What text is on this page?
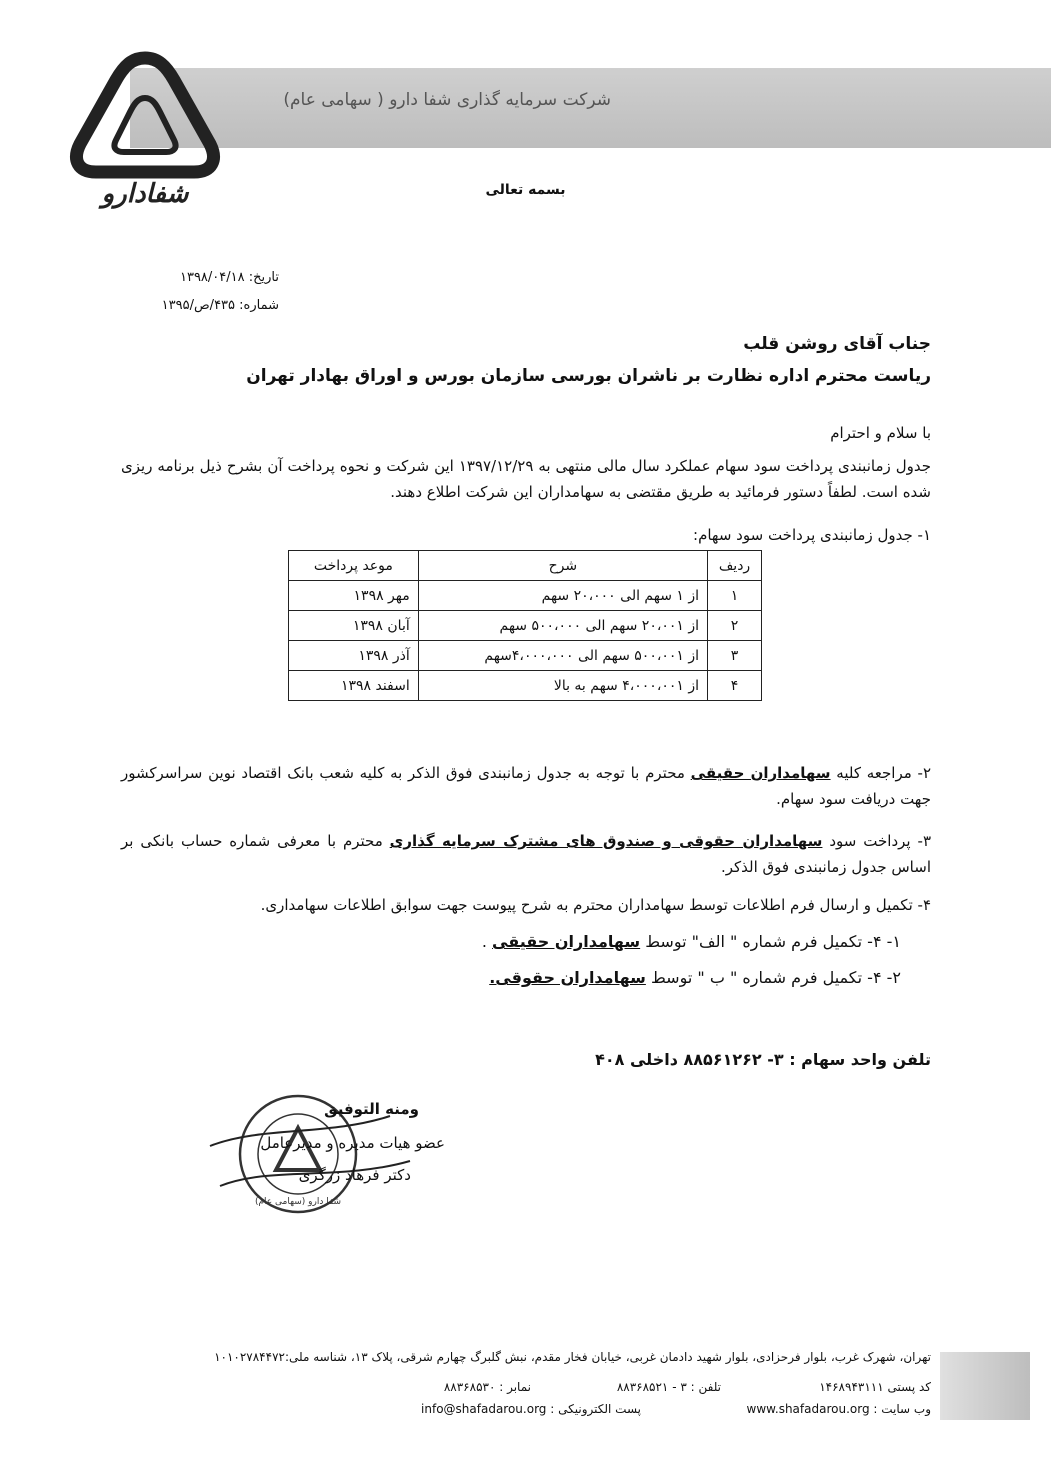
شرکت سرمایه گذاری شفا دارو ( سهامی عام)
شفادارو	بسمه تعالی
تاریخ: ۱۳۹۸/۰۴/۱۸
شماره: ۴۳۵/ص/۱۳۹۵
جناب آقای روشن قلب
ریاست محترم اداره نظارت بر ناشران بورسی سازمان بورس و اوراق بهادار تهران
با سلام و احترام
جدول زمانبندی پرداخت سود سهام عملکرد سال مالی منتهی به ۱۳۹۷/۱۲/۲۹ این شرکت و نحوه پرداخت آن بشرح ذیل برنامه ریزی شده است. لطفاً دستور فرمائید به طریق مقتضی به سهامداران این شرکت اطلاع دهند.
۱- جدول زمانبندی پرداخت سود سهام:
ردیف	شرح	موعد پرداخت
۱	از ۱ سهم الی ۲۰،۰۰۰ سهم	مهر ۱۳۹۸
۲	از ۲۰،۰۰۱ سهم الی ۵۰۰،۰۰۰ سهم	آبان ۱۳۹۸
۳	از ۵۰۰،۰۰۱ سهم الی ۴،۰۰۰،۰۰۰سهم	آذر ۱۳۹۸
۴	از ۴،۰۰۰،۰۰۱ سهم به بالا	اسفند ۱۳۹۸
۲- مراجعه کلیه سهامداران حقیقی محترم با توجه به جدول زمانبندی فوق الذکر به کلیه شعب بانک اقتصاد نوین سراسرکشور جهت دریافت سود سهام.
۳- پرداخت سود سهامداران حقوقی و صندوق های مشترک سرمایه گذاری محترم با معرفی شماره حساب بانکی بر اساس جدول زمانبندی فوق الذکر.
۴- تکمیل و ارسال فرم اطلاعات توسط سهامداران محترم به شرح پیوست جهت سوابق اطلاعات سهامداری.
۱- ۴- تکمیل فرم شماره " الف" توسط سهامداران حقیقی .
۲- ۴- تکمیل فرم شماره " ب " توسط سهامداران حقوقی.
تلفن واحد سهام : ۳- ۸۸۵۶۱۲۶۲ داخلی ۴۰۸
شفا دارو (سهامی عام)
ومنه التوفيق
عضو هیات مدیره و مدیرعامل
دکتر فرهاد زرگری
تهران، شهرک غرب، بلوار فرحزادی، بلوار شهید دادمان غربی، خیابان فخار مقدم، نبش گلبرگ چهارم شرقی، پلاک ۱۳، شناسه ملی:۱۰۱۰۲۷۸۴۴۷۲
کد پستی ۱۴۶۸۹۴۳۱۱۱
تلفن : ۳ - ۸۸۳۶۸۵۲۱
نمابر : ۸۸۳۶۸۵۳۰
وب سایت : www.shafadarou.org
پست الکترونیکی : info@shafadarou.org
